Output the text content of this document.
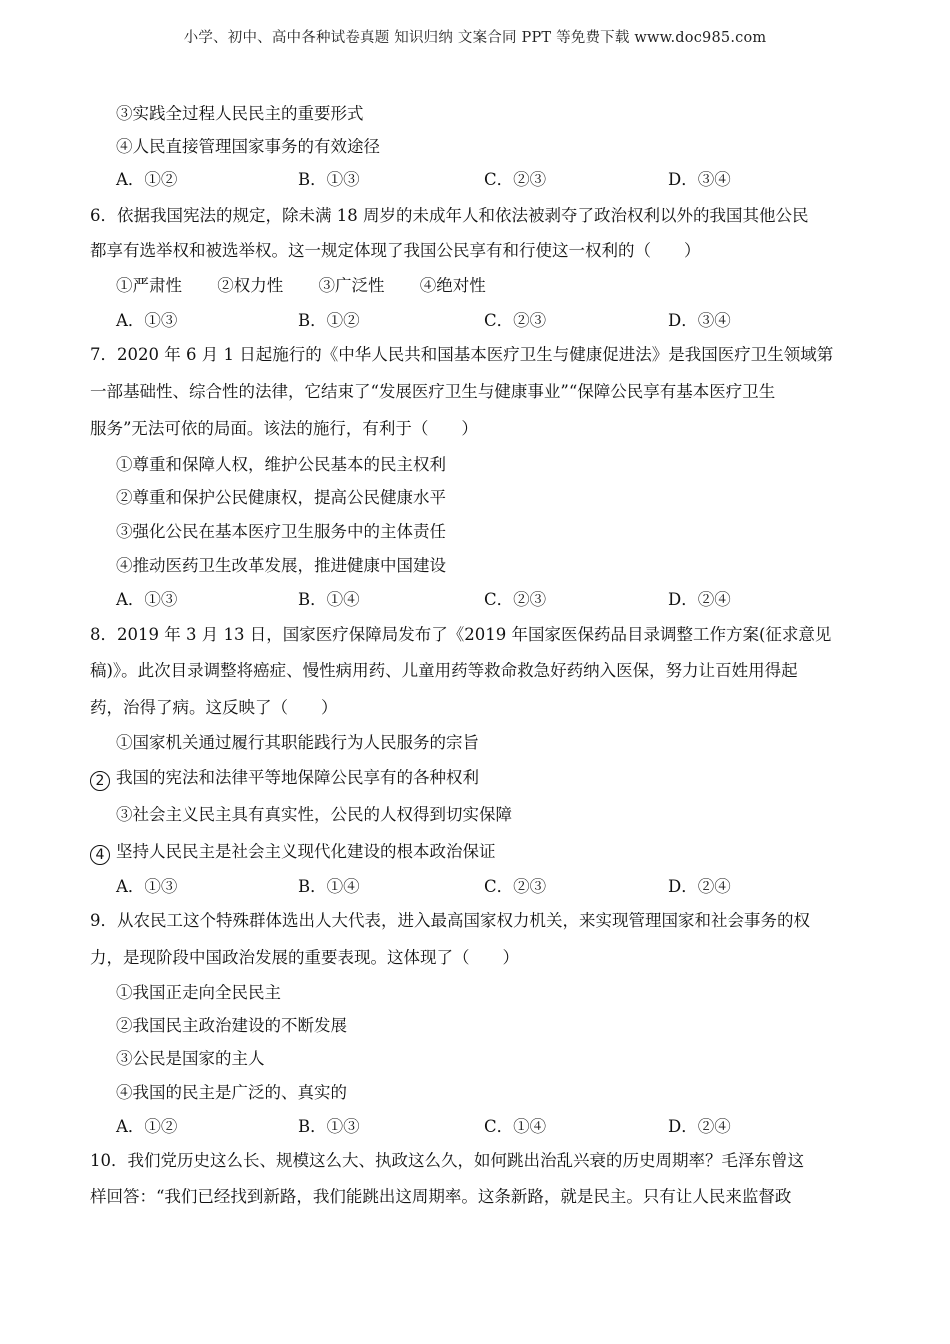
小学、初中、高中各种试卷真题 知识归纳 文案合同 PPT 等免费下载 www.doc985.com
③实践全过程人民民主的重要形式
④人民直接管理国家事务的有效途径
A．①②	B．①③	C．②③	D．③④
6．依据我国宪法的规定，除未满 18 周岁的未成年人和依法被剥夺了政治权利以外的我国其他公民
都享有选举权和被选举权。这一规定体现了我国公民享有和行使这一权利的（　　）
①严肃性 ②权力性 ③广泛性 ④绝对性
A．①③	B．①②	C．②③	D．③④
7．2020 年 6 月 1 日起施行的《中华人民共和国基本医疗卫生与健康促进法》是我国医疗卫生领域第
一部基础性、综合性的法律，它结束了“发展医疗卫生与健康事业”“保障公民享有基本医疗卫生
服务”无法可依的局面。该法的施行，有利于（　　）
①尊重和保障人权，维护公民基本的民主权利
②尊重和保护公民健康权，提高公民健康水平
③强化公民在基本医疗卫生服务中的主体责任
④推动医药卫生改革发展，推进健康中国建设
A．①③	B．①④	C．②③	D．②④
8．2019 年 3 月 13 日，国家医疗保障局发布了《2019 年国家医保药品目录调整工作方案(征求意见
稿)》。此次目录调整将癌症、慢性病用药、儿童用药等救命救急好药纳入医保，努力让百姓用得起
药，治得了病。这反映了（　　）
①国家机关通过履行其职能践行为人民服务的宗旨
2 我国的宪法和法律平等地保障公民享有的各种权利
③社会主义民主具有真实性，公民的人权得到切实保障
4 坚持人民民主是社会主义现代化建设的根本政治保证
A．①③	B．①④	C．②③	D．②④
9．从农民工这个特殊群体选出人大代表，进入最高国家权力机关，来实现管理国家和社会事务的权
力，是现阶段中国政治发展的重要表现。这体现了（　　）
①我国正走向全民民主
②我国民主政治建设的不断发展
③公民是国家的主人
④我国的民主是广泛的、真实的
A．①②	B．①③	C．①④	D．②④
10．我们党历史这么长、规模这么大、执政这么久，如何跳出治乱兴衰的历史周期率？毛泽东曾这
样回答：“我们已经找到新路，我们能跳出这周期率。这条新路，就是民主。只有让人民来监督政
